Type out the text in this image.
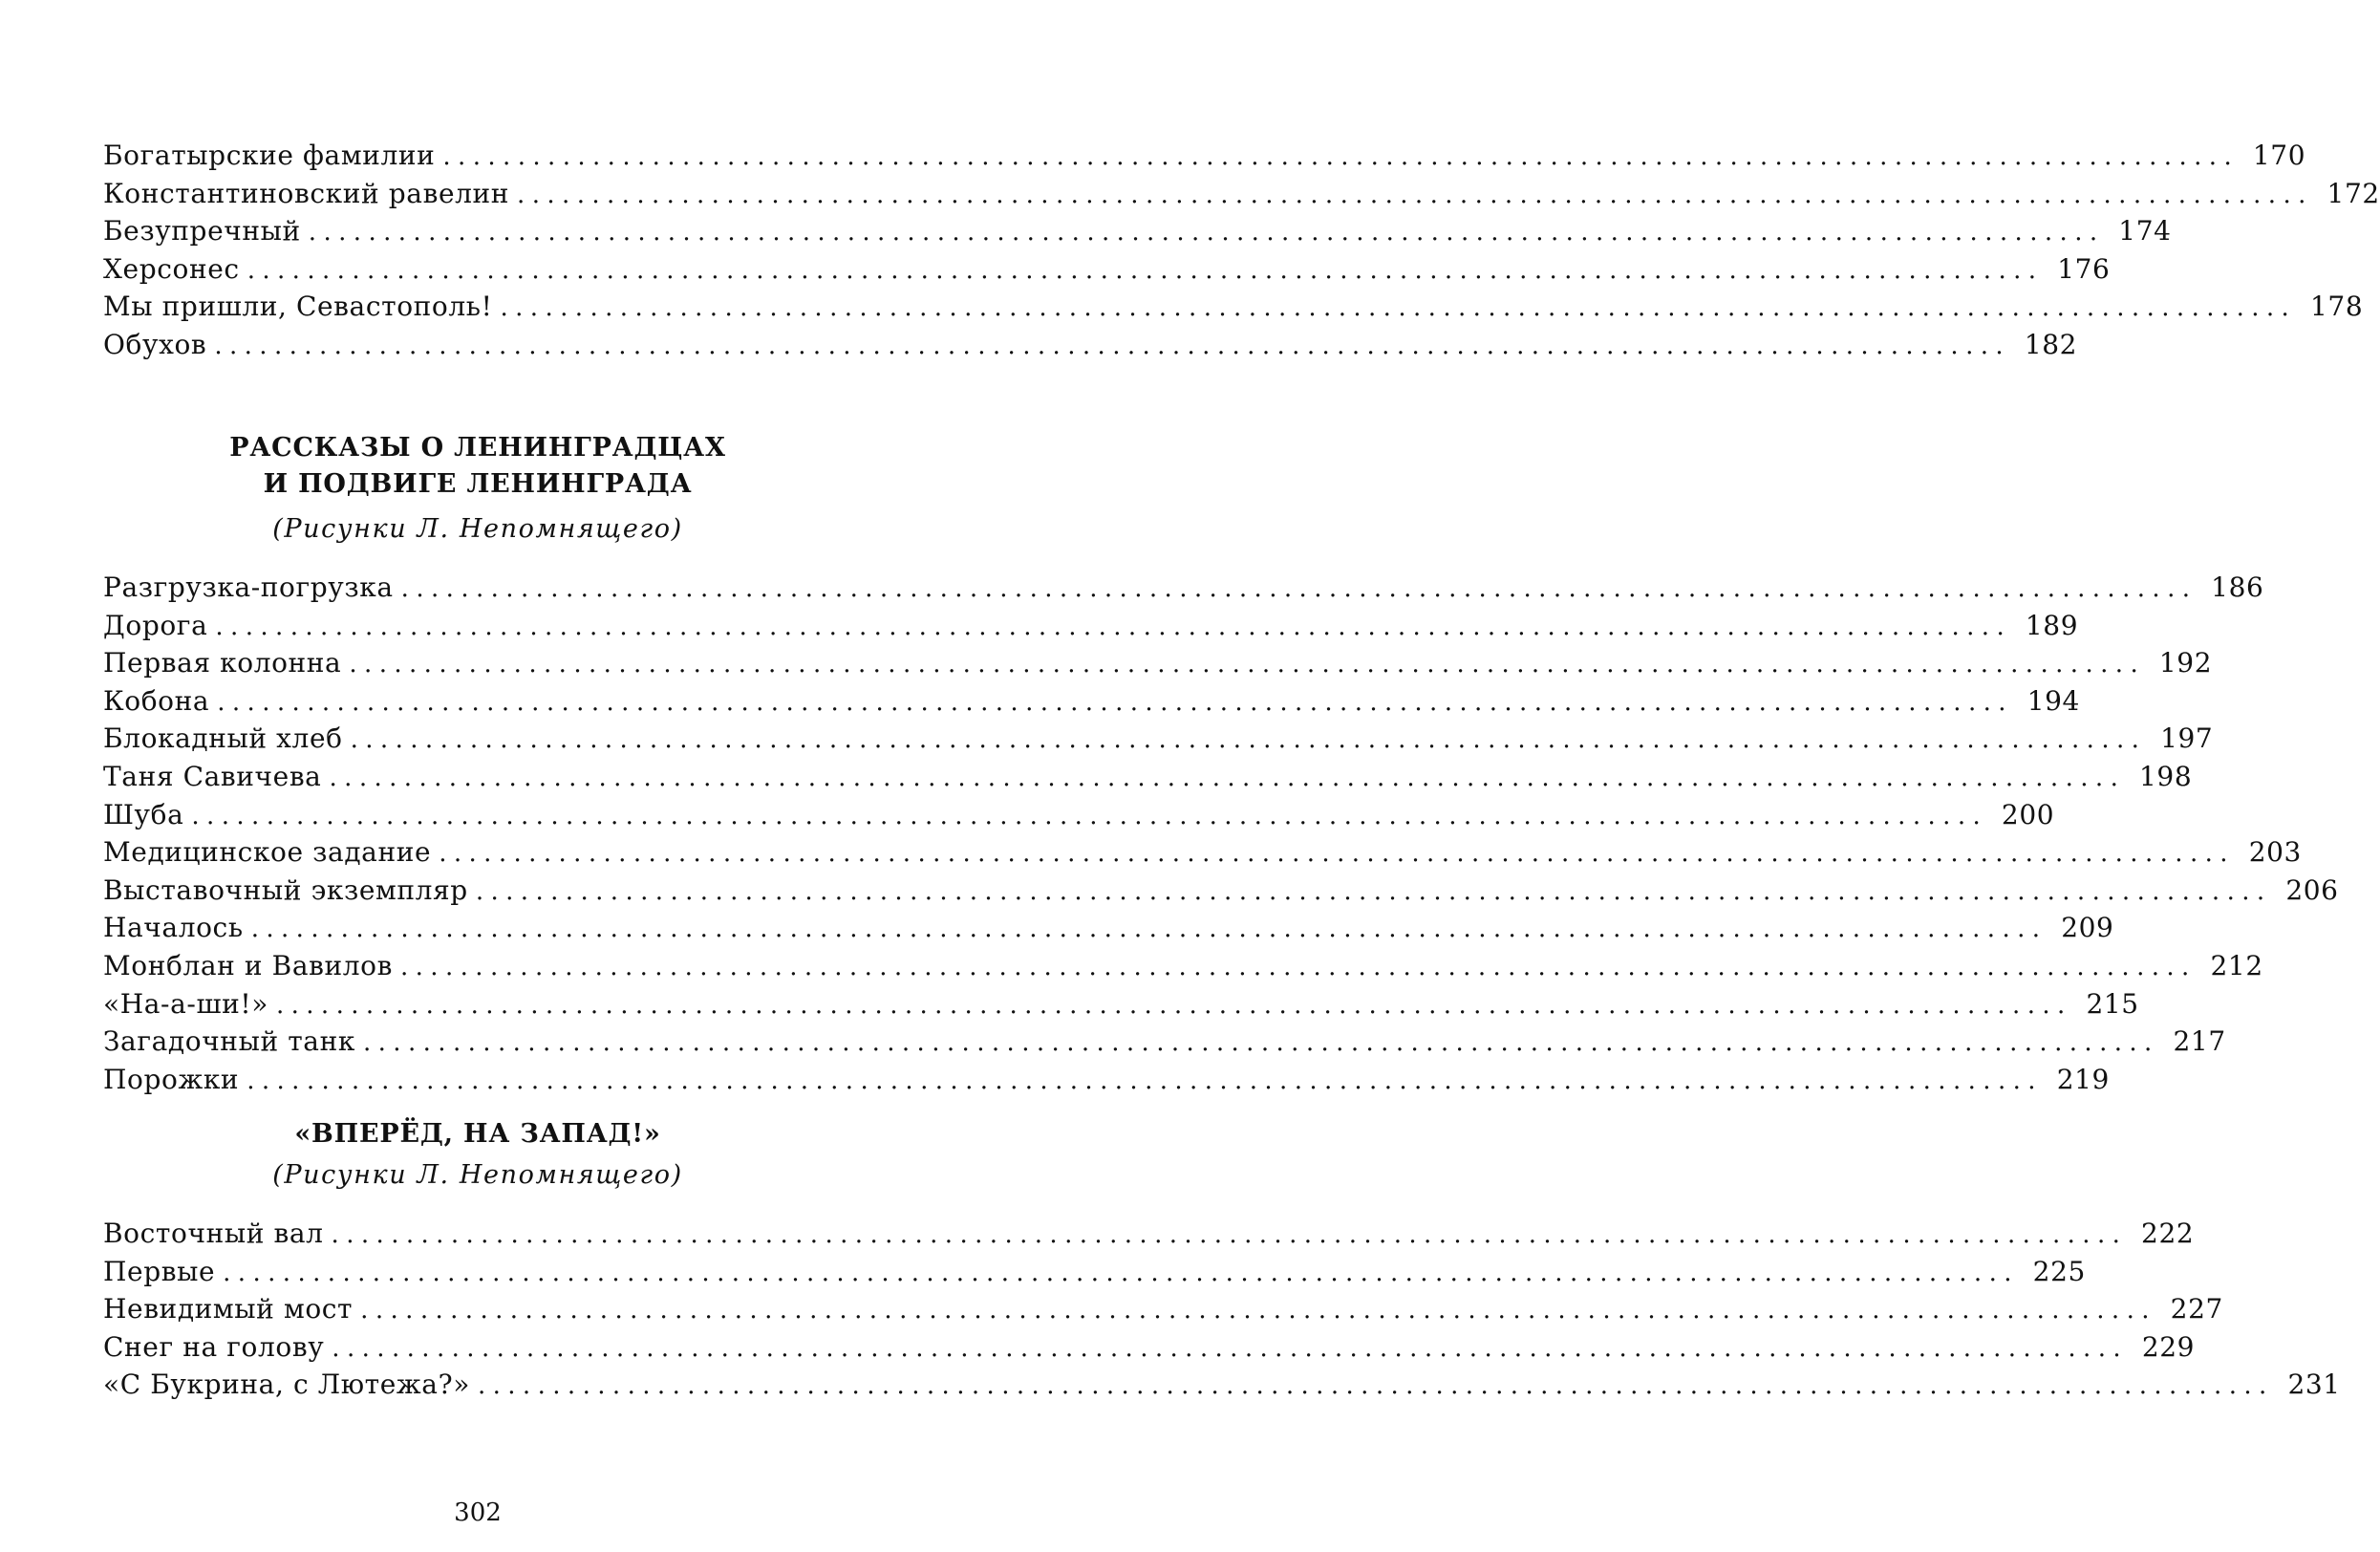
Богатырские фамилии ........................................................................................................................ 170
Константиновский равелин ........................................................................................................................ 172
Безупречный ........................................................................................................................ 174
Херсонес ........................................................................................................................ 176
Мы пришли, Севастополь! ........................................................................................................................ 178
Обухов ........................................................................................................................ 182
РАССКАЗЫ О ЛЕНИНГРАДЦАХ
И ПОДВИГЕ ЛЕНИНГРАДА
(Рисунки Л. Непомнящего)
Разгрузка-погрузка ........................................................................................................................ 186
Дорога ........................................................................................................................ 189
Первая колонна ........................................................................................................................ 192
Кобона ........................................................................................................................ 194
Блокадный хлеб ........................................................................................................................ 197
Таня Савичева ........................................................................................................................ 198
Шуба ........................................................................................................................ 200
Медицинское задание ........................................................................................................................ 203
Выставочный экземпляр ........................................................................................................................ 206
Началось ........................................................................................................................ 209
Монблан и Вавилов ........................................................................................................................ 212
«На-а-ши!» ........................................................................................................................ 215
Загадочный танк ........................................................................................................................ 217
Порожки ........................................................................................................................ 219
«ВПЕРЁД, НА ЗАПАД!»
(Рисунки Л. Непомнящего)
Восточный вал ........................................................................................................................ 222
Первые ........................................................................................................................ 225
Невидимый мост ........................................................................................................................ 227
Снег на голову ........................................................................................................................ 229
«С Букрина, с Лютежа?» ........................................................................................................................ 231
302
